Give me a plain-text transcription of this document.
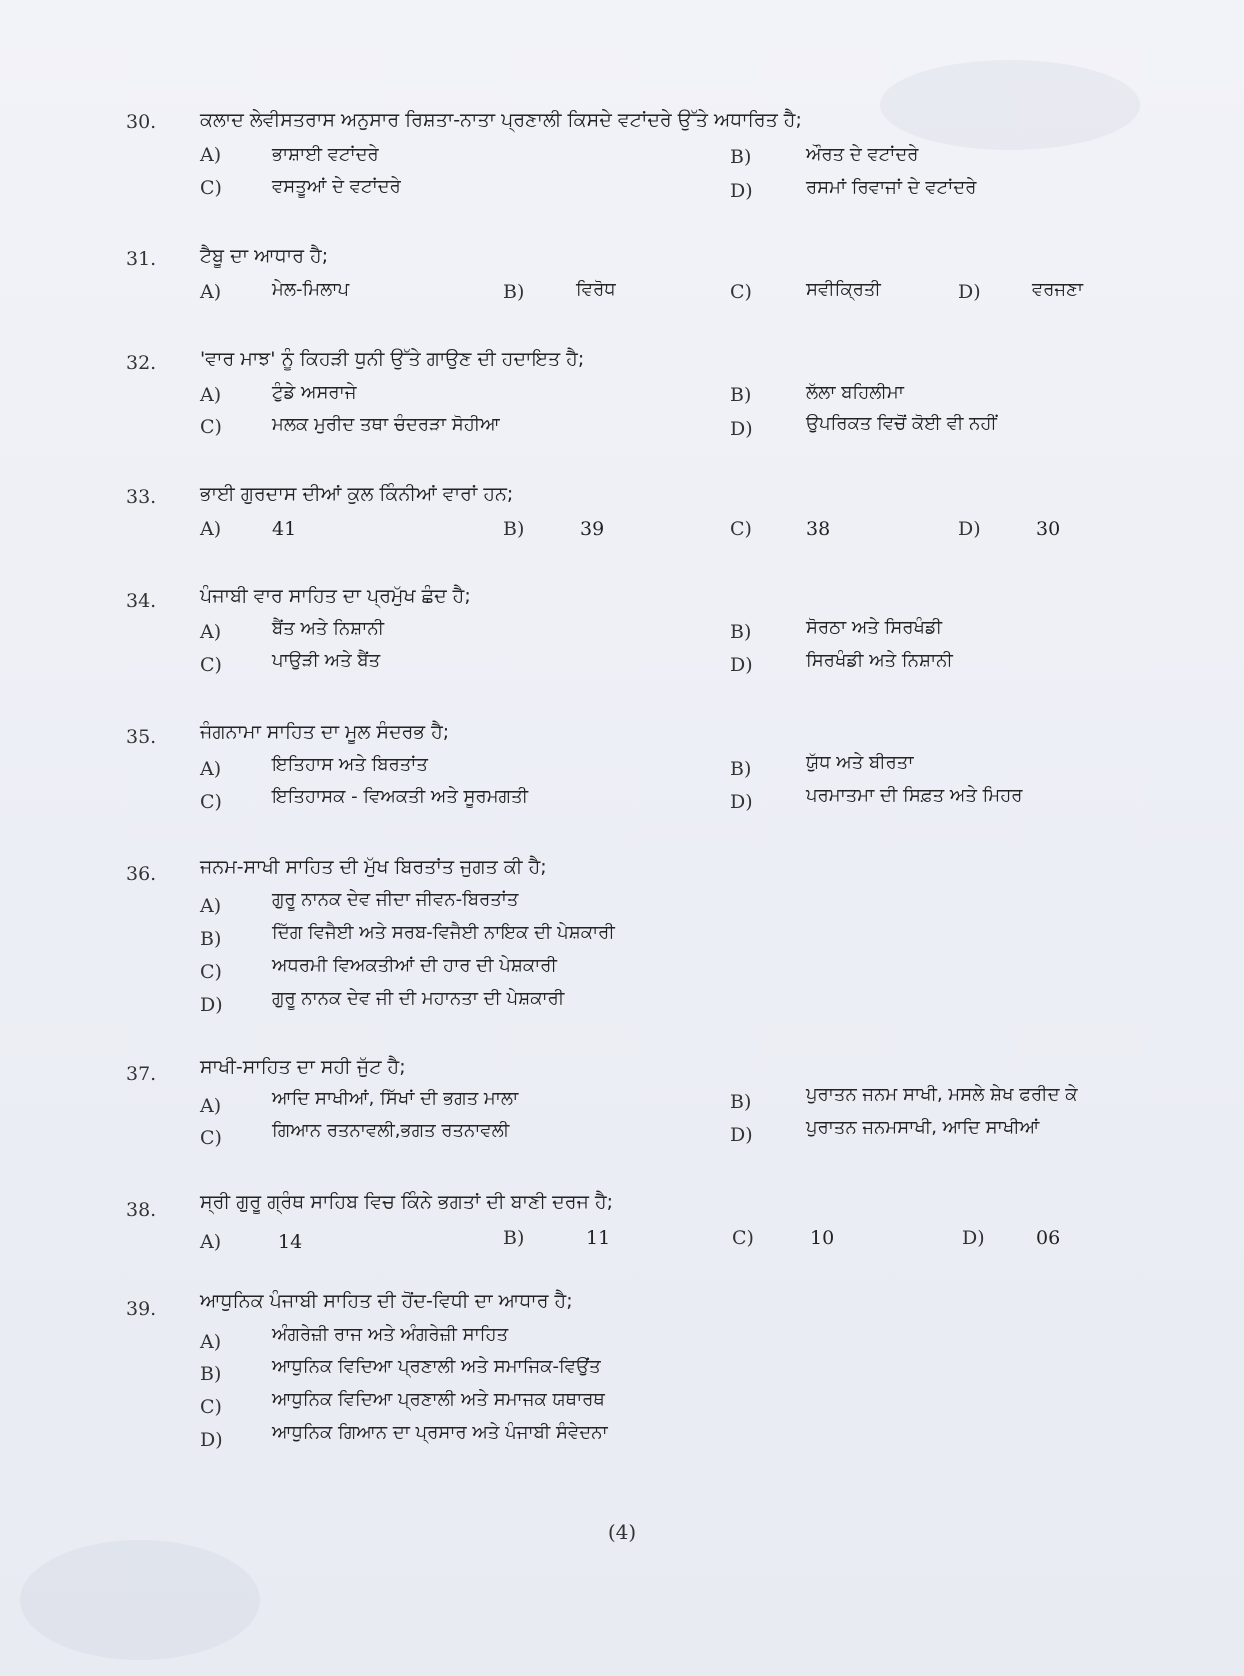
30. ਕਲਾਦ ਲੇਵੀਸਤਰਾਸ ਅਨੁਸਾਰ ਰਿਸ਼ਤਾ-ਨਾਤਾ ਪ੍ਰਣਾਲੀ ਕਿਸਦੇ ਵਟਾਂਦਰੇ ਉੱਤੇ ਅਧਾਰਿਤ ਹੈ;
A)	ਭਾਸ਼ਾਈ ਵਟਾਂਦਰੇ	B)	ਔਰਤ ਦੇ ਵਟਾਂਦਰੇ
C)	ਵਸਤੂਆਂ ਦੇ ਵਟਾਂਦਰੇ	D)	ਰਸਮਾਂ ਰਿਵਾਜਾਂ ਦੇ ਵਟਾਂਦਰੇ
31. ਟੈਬੂ ਦਾ ਆਧਾਰ ਹੈ;
A)	ਮੇਲ-ਮਿਲਾਪ	B)	ਵਿਰੋਧ	C)	ਸਵੀਕ੍ਰਿਤੀ	D)	ਵਰਜਣਾ
32. 'ਵਾਰ ਮਾਝ' ਨੂੰ ਕਿਹੜੀ ਧੁਨੀ ਉੱਤੇ ਗਾਉਣ ਦੀ ਹਦਾਇਤ ਹੈ;
A)	ਟੁੰਡੇ ਅਸਰਾਜੇ	B)	ਲੱਲਾ ਬਹਿਲੀਮਾ
C)	ਮਲਕ ਮੁਰੀਦ ਤਥਾ ਚੰਦਰੜਾ ਸੋਹੀਆ	D)	ਉਪਰਿਕਤ ਵਿਚੋਂ ਕੋਈ ਵੀ ਨਹੀਂ
33. ਭਾਈ ਗੁਰਦਾਸ ਦੀਆਂ ਕੁਲ ਕਿੰਨੀਆਂ ਵਾਰਾਂ ਹਨ;
A)	41	B)	39	C)	38	D)	30
34. ਪੰਜਾਬੀ ਵਾਰ ਸਾਹਿਤ ਦਾ ਪ੍ਰਮੁੱਖ ਛੰਦ ਹੈ;
A)	ਬੈਂਤ ਅਤੇ ਨਿਸ਼ਾਨੀ	B)	ਸੋਰਠਾ ਅਤੇ ਸਿਰਖੰਡੀ
C)	ਪਾਉੜੀ ਅਤੇ ਬੈਂਤ	D)	ਸਿਰਖੰਡੀ ਅਤੇ ਨਿਸ਼ਾਨੀ
35. ਜੰਗਨਾਮਾ ਸਾਹਿਤ ਦਾ ਮੂਲ ਸੰਦਰਭ ਹੈ;
A)	ਇਤਿਹਾਸ ਅਤੇ ਬਿਰਤਾਂਤ	B)	ਯੁੱਧ ਅਤੇ ਬੀਰਤਾ
C)	ਇਤਿਹਾਸਕ - ਵਿਅਕਤੀ ਅਤੇ ਸੂਰਮਗਤੀ	D)	ਪਰਮਾਤਮਾ ਦੀ ਸਿਫ਼ਤ ਅਤੇ ਮਿਹਰ
36. ਜਨਮ-ਸਾਖੀ ਸਾਹਿਤ ਦੀ ਮੁੱਖ ਬਿਰਤਾਂਤ ਜੁਗਤ ਕੀ ਹੈ;
A)	ਗੁਰੂ ਨਾਨਕ ਦੇਵ ਜੀਦਾ ਜੀਵਨ-ਬਿਰਤਾਂਤ
B)	ਦਿੱਗ ਵਿਜੈਈ ਅਤੇ ਸਰਬ-ਵਿਜੈਈ ਨਾਇਕ ਦੀ ਪੇਸ਼ਕਾਰੀ
C)	ਅਧਰਮੀ ਵਿਅਕਤੀਆਂ ਦੀ ਹਾਰ ਦੀ ਪੇਸ਼ਕਾਰੀ
D)	ਗੁਰੂ ਨਾਨਕ ਦੇਵ ਜੀ ਦੀ ਮਹਾਨਤਾ ਦੀ ਪੇਸ਼ਕਾਰੀ
37. ਸਾਖੀ-ਸਾਹਿਤ ਦਾ ਸਹੀ ਜੁੱਟ ਹੈ;
A)	ਆਦਿ ਸਾਖੀਆਂ, ਸਿੱਖਾਂ ਦੀ ਭਗਤ ਮਾਲਾ	B)	ਪੁਰਾਤਨ ਜਨਮ ਸਾਖੀ, ਮਸਲੇ ਸ਼ੇਖ ਫਰੀਦ ਕੇ
C)	ਗਿਆਨ ਰਤਨਾਵਲੀ,ਭਗਤ ਰਤਨਾਵਲੀ	D)	ਪੁਰਾਤਨ ਜਨਮਸਾਖੀ, ਆਦਿ ਸਾਖੀਆਂ
38. ਸ੍ਰੀ ਗੁਰੂ ਗ੍ਰੰਥ ਸਾਹਿਬ ਵਿਚ ਕਿੰਨੇ ਭਗਤਾਂ ਦੀ ਬਾਣੀ ਦਰਜ ਹੈ;
A)	14	B)	11	C)	10	D)	06
39. ਆਧੁਨਿਕ ਪੰਜਾਬੀ ਸਾਹਿਤ ਦੀ ਹੋਂਦ-ਵਿਧੀ ਦਾ ਆਧਾਰ ਹੈ;
A)	ਅੰਗਰੇਜ਼ੀ ਰਾਜ ਅਤੇ ਅੰਗਰੇਜ਼ੀ ਸਾਹਿਤ
B)	ਆਧੁਨਿਕ ਵਿਦਿਆ ਪ੍ਰਣਾਲੀ ਅਤੇ ਸਮਾਜਿਕ-ਵਿਉਂਤ
C)	ਆਧੁਨਿਕ ਵਿਦਿਆ ਪ੍ਰਣਾਲੀ ਅਤੇ ਸਮਾਜਕ ਯਥਾਰਥ
D)	ਆਧੁਨਿਕ ਗਿਆਨ ਦਾ ਪ੍ਰਸਾਰ ਅਤੇ ਪੰਜਾਬੀ ਸੰਵੇਦਨਾ
(4)
